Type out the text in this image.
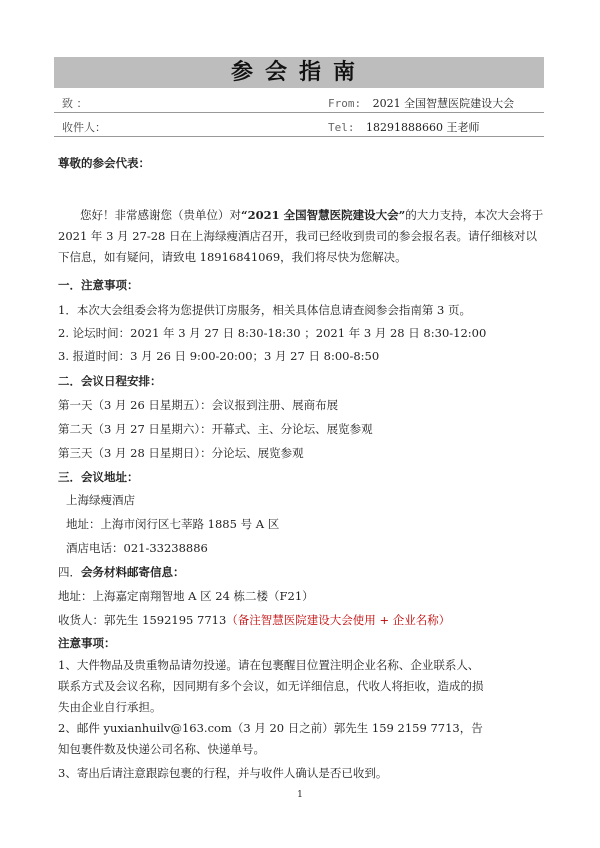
参会指南
致 ：	From: 2021 全国智慧医院建设大会
收件人：	Tel: 18291888660 王老师
尊敬的参会代表：
您好！非常感谢您（贵单位）对“2021 全国智慧医院建设大会”的大力支持，本次大会将于 2021 年 3 月 27-28 日在上海绿瘦酒店召开，我司已经收到贵司的参会报名表。请仔细核对以下信息，如有疑问，请致电 18916841069，我们将尽快为您解决。
一．注意事项：
1．本次大会组委会将为您提供订房服务，相关具体信息请查阅参会指南第 3 页。
2. 论坛时间：2021 年 3 月 27 日 8:30-18:30 ；2021 年 3 月 28 日 8:30-12:00
3. 报道时间：3 月 26 日 9:00-20:00；3 月 27 日 8:00-8:50
二．会议日程安排：
第一天（3 月 26 日星期五）：会议报到注册、展商布展
第二天（3 月 27 日星期六）：开幕式、主、分论坛、展览参观
第三天（3 月 28 日星期日）：分论坛、展览参观
三．会议地址：
上海绿瘦酒店
地址：上海市闵行区七莘路 1885 号 A 区
酒店电话：021-33238886
四．会务材料邮寄信息：
地址：上海嘉定南翔智地 A 区 24 栋二楼（F21）
收货人：郭先生 1592195 7713（备注智慧医院建设大会使用 + 企业名称）
注意事项：
1、大件物品及贵重物品请勿投递。请在包裹醒目位置注明企业名称、企业联系人、联系方式及会议名称，因同期有多个会议，如无详细信息，代收人将拒收，造成的损失由企业自行承担。
2、邮件 yuxianhuilv@163.com（3 月 20 日之前）郭先生 159 2159 7713，告知包裹件数及快递公司名称、快递单号。
3、寄出后请注意跟踪包裹的行程，并与收件人确认是否已收到。
1
